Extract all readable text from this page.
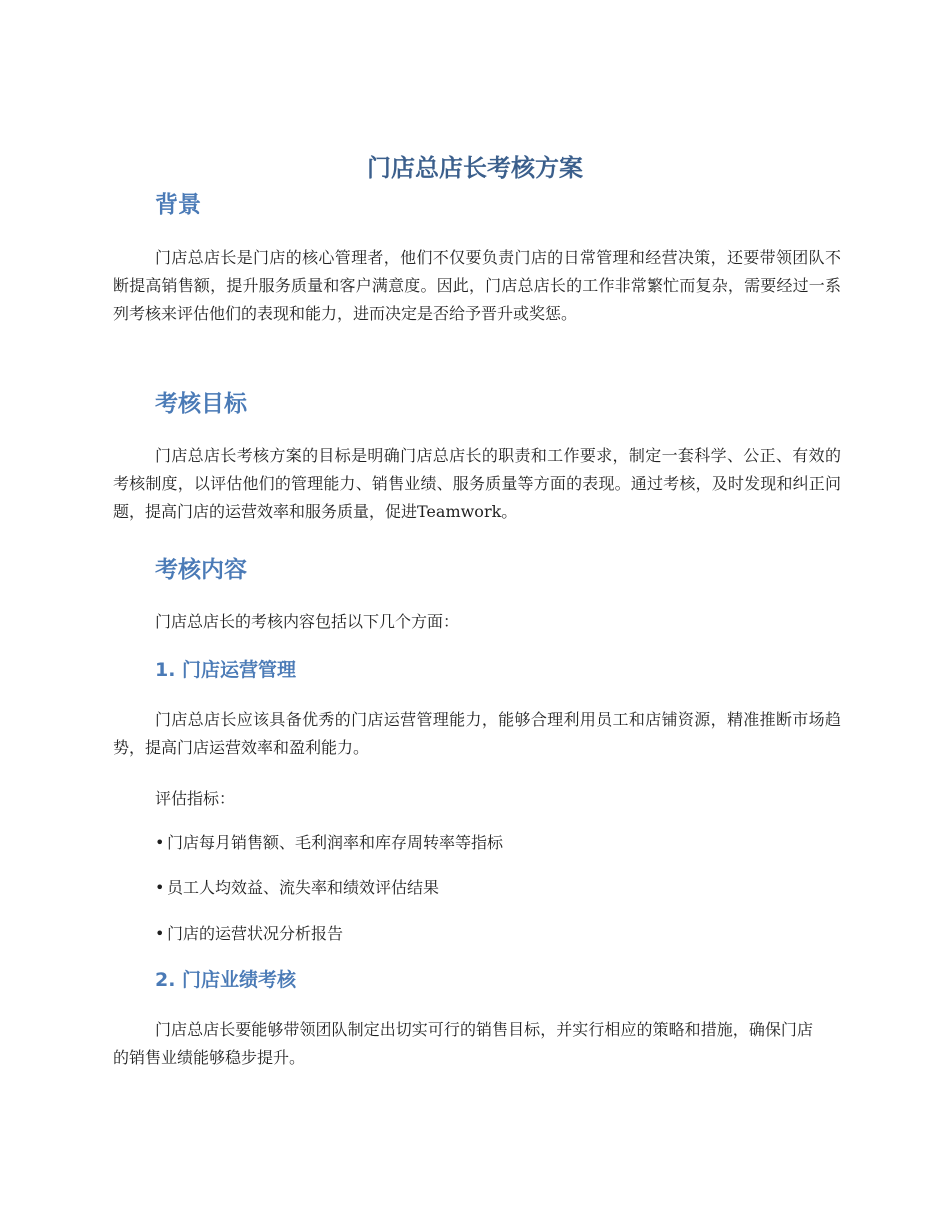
门店总店长考核方案
背景

门店总店长是门店的核心管理者，他们不仅要负责门店的日常管理和经营决策，还要带领团队不断提高销售额，提升服务质量和客户满意度。因此，门店总店长的工作非常繁忙而复杂，需要经过一系列考核来评估他们的表现和能力，进而决定是否给予晋升或奖惩。

考核目标

门店总店长考核方案的目标是明确门店总店长的职责和工作要求，制定一套科学、公正、有效的考核制度，以评估他们的管理能力、销售业绩、服务质量等方面的表现。通过考核，及时发现和纠正问题，提高门店的运营效率和服务质量，促进Teamwork。

考核内容

门店总店长的考核内容包括以下几个方面：

1. 门店运营管理

门店总店长应该具备优秀的门店运营管理能力，能够合理利用员工和店铺资源，精准推断市场趋势，提高门店运营效率和盈利能力。

评估指标：

• 门店每月销售额、毛利润率和库存周转率等指标

• 员工人均效益、流失率和绩效评估结果

• 门店的运营状况分析报告

2. 门店业绩考核

门店总店长要能够带领团队制定出切实可行的销售目标，并实行相应的策略和措施，确保门店的销售业绩能够稳步提升。
